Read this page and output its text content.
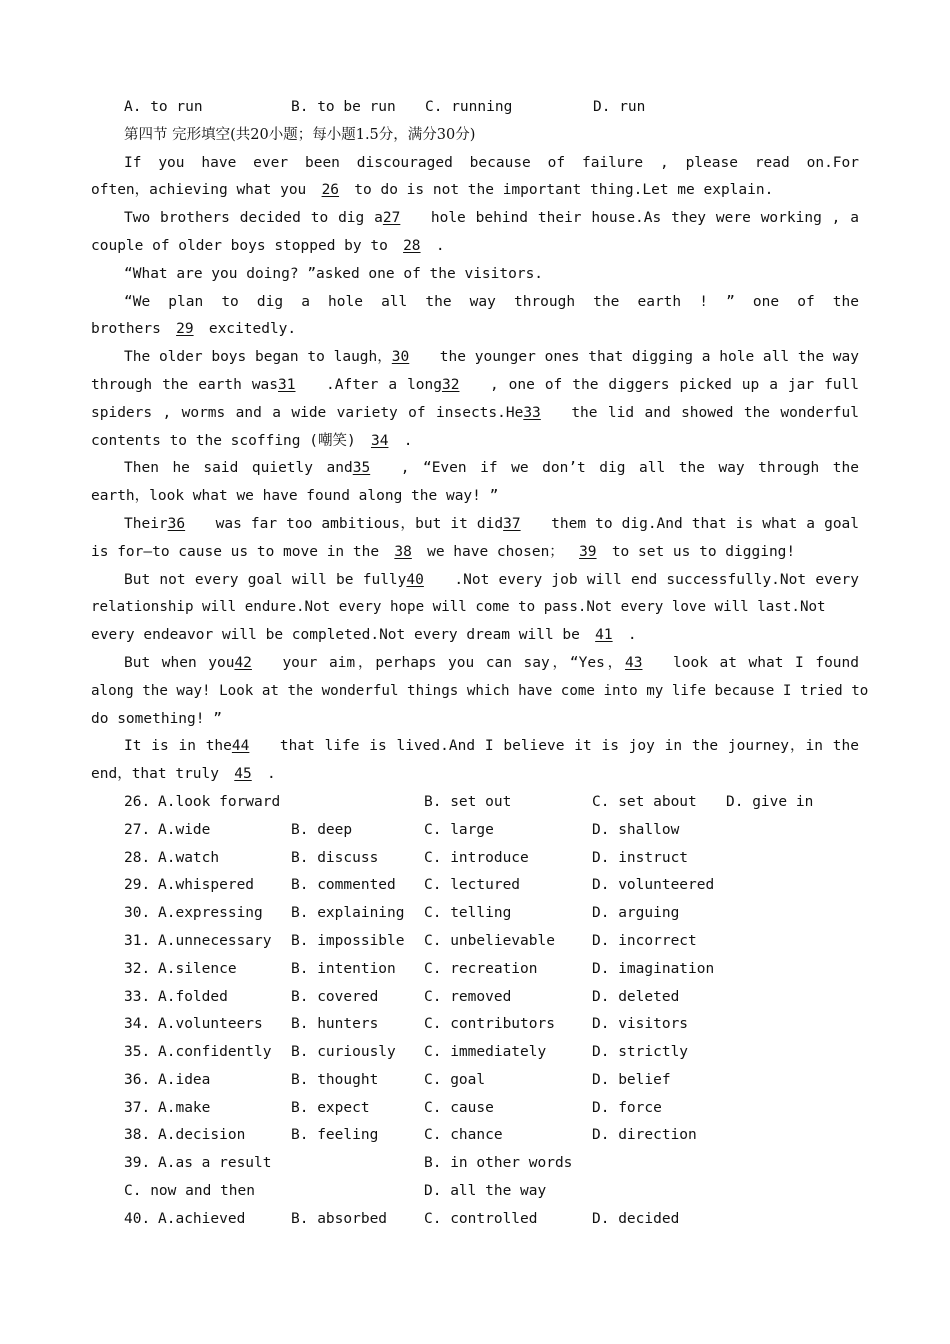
A. to run	B. to be run	C. running	D. run
第四节 完形填空(共20小题；每小题1.5分，满分30分)
If you have ever been discouraged because of failure , please read on.For
often，achieving what you 26 to do is not the important thing.Let me explain.
Two brothers decided to dig a27 hole behind their house.As they were working , a
couple of older boys stopped by to 28 .
“What are you doing? ”asked one of the visitors.
“We plan to dig a hole all the way through the earth ! ” one of the
brothers 29 excitedly.
The older boys began to laugh，30 the younger ones that digging a hole all the way
through the earth was31 .After a long32 , one of the diggers picked up a jar full
spiders , worms and a wide variety of insects.He33 the lid and showed the wonderful
contents to the scoffing (嘲笑) 34 .
Then he said quietly and35 , “Even if we don’t dig all the way through the
earth，look what we have found along the way! ”
Their36 was far too ambitious，but it did37 them to dig.And that is what a goal
is for—to cause us to move in the 38 we have chosen； 39 to set us to digging!
But not every goal will be fully40 .Not every job will end successfully.Not every
relationship will endure.Not every hope will come to pass.Not every love will last.Not
every endeavor will be completed.Not every dream will be 41 .
But when you42 your aim，perhaps you can say，“Yes，43 look at what I found
along the way! Look at the wonderful things which have come into my life because I tried to
do something! ”
It is in the44 that life is lived.And I believe it is joy in the journey，in the
end，that truly 45 .
26. A.look forward	B. set out	C. set about	D. give in
27. A.wide	B. deep	C. large	D. shallow
28. A.watch	B. discuss	C. introduce	D. instruct
29. A.whispered	B. commented	C. lectured	D. volunteered
30. A.expressing	B. explaining	C. telling	D. arguing
31. A.unnecessary	B. impossible	C. unbelievable	D. incorrect
32. A.silence	B. intention	C. recreation	D. imagination
33. A.folded	B. covered	C. removed	D. deleted
34. A.volunteers	B. hunters	C. contributors	D. visitors
35. A.confidently	B. curiously	C. immediately	D. strictly
36. A.idea	B. thought	C. goal	D. belief
37. A.make	B. expect	C. cause	D. force
38. A.decision	B. feeling	C. chance	D. direction
39. A.as a result	B. in other words
C. now and then	D. all the way
40. A.achieved	B. absorbed	C. controlled	D. decided
